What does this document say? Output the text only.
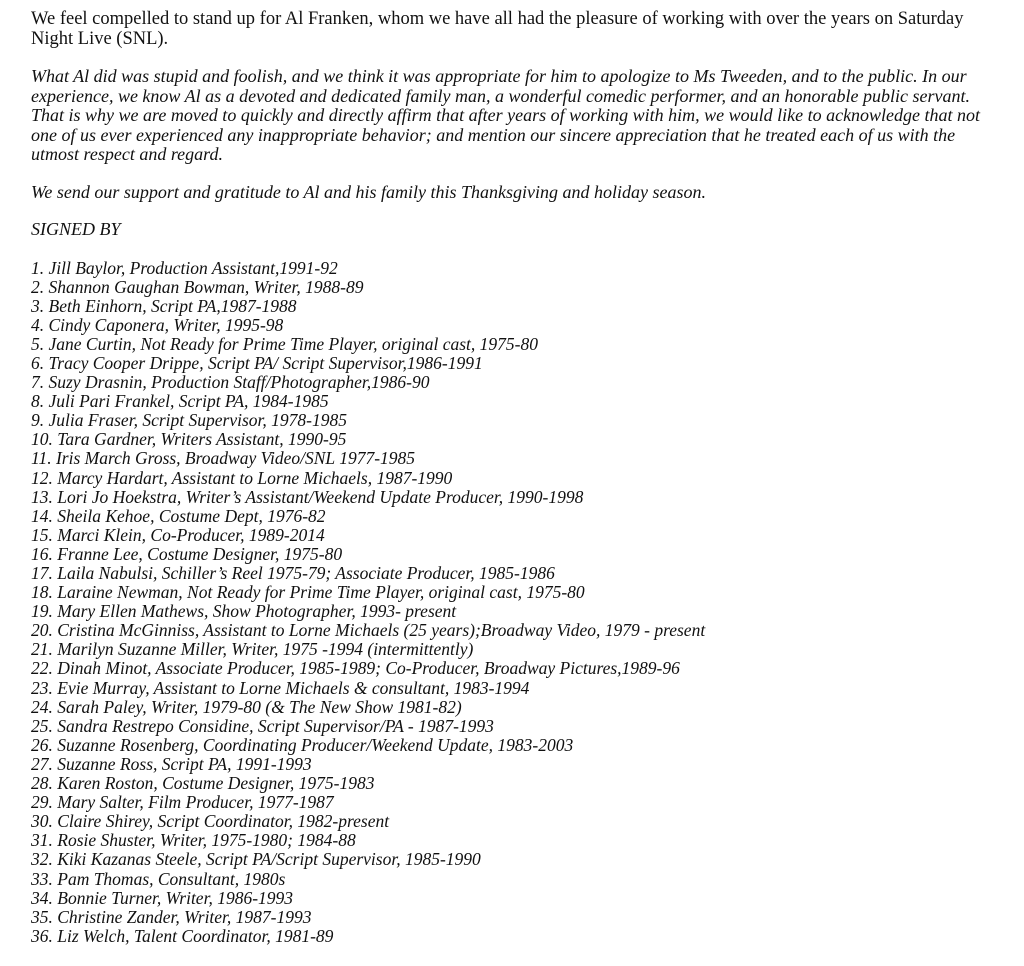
We feel compelled to stand up for Al Franken, whom we have all had the pleasure of working with over the years on Saturday Night Live (SNL).

What Al did was stupid and foolish, and we think it was appropriate for him to apologize to Ms Tweeden, and to the public. In our experience, we know Al as a devoted and dedicated family man, a wonderful comedic performer, and an honorable public servant. That is why we are moved to quickly and directly affirm that after years of working with him, we would like to acknowledge that not one of us ever experienced any inappropriate behavior; and mention our sincere appreciation that he treated each of us with the utmost respect and regard.

We send our support and gratitude to Al and his family this Thanksgiving and holiday season.

SIGNED BY

1. Jill Baylor, Production Assistant,1991-92
2. Shannon Gaughan Bowman, Writer, 1988-89
3. Beth Einhorn, Script PA,1987-1988
4. Cindy Caponera, Writer, 1995-98
5. Jane Curtin, Not Ready for Prime Time Player, original cast, 1975-80
6. Tracy Cooper Drippe, Script PA/ Script Supervisor,1986-1991
7. Suzy Drasnin, Production Staff/Photographer,1986-90
8. Juli Pari Frankel, Script PA, 1984-1985
9. Julia Fraser, Script Supervisor, 1978-1985
10. Tara Gardner, Writers Assistant, 1990-95
11. Iris March Gross, Broadway Video/SNL 1977-1985
12. Marcy Hardart, Assistant to Lorne Michaels, 1987-1990
13. Lori Jo Hoekstra, Writer’s Assistant/Weekend Update Producer, 1990-1998
14. Sheila Kehoe, Costume Dept, 1976-82
15. Marci Klein, Co-Producer, 1989-2014
16. Franne Lee, Costume Designer, 1975-80
17. Laila Nabulsi, Schiller’s Reel 1975-79; Associate Producer, 1985-1986
18. Laraine Newman, Not Ready for Prime Time Player, original cast, 1975-80
19. Mary Ellen Mathews, Show Photographer, 1993- present
20. Cristina McGinniss, Assistant to Lorne Michaels (25 years);Broadway Video, 1979 - present
21. Marilyn Suzanne Miller, Writer, 1975 -1994 (intermittently)
22. Dinah Minot, Associate Producer, 1985-1989; Co-Producer, Broadway Pictures,1989-96
23. Evie Murray, Assistant to Lorne Michaels & consultant, 1983-1994
24. Sarah Paley, Writer, 1979-80 (& The New Show 1981-82)
25. Sandra Restrepo Considine, Script Supervisor/PA - 1987-1993
26. Suzanne Rosenberg, Coordinating Producer/Weekend Update, 1983-2003
27. Suzanne Ross, Script PA, 1991-1993
28. Karen Roston, Costume Designer, 1975-1983
29. Mary Salter, Film Producer, 1977-1987
30. Claire Shirey, Script Coordinator, 1982-present
31. Rosie Shuster, Writer, 1975-1980; 1984-88
32. Kiki Kazanas Steele, Script PA/Script Supervisor, 1985-1990
33. Pam Thomas, Consultant, 1980s
34. Bonnie Turner, Writer, 1986-1993
35. Christine Zander, Writer, 1987-1993
36. Liz Welch, Talent Coordinator, 1981-89
